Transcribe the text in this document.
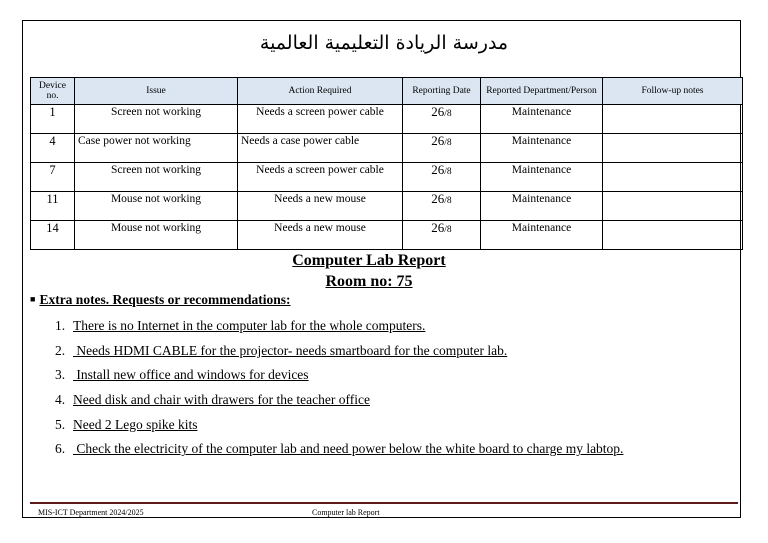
مدرسة الريادة التعليمية العالمية
Device no.	Issue	Action Required	Reporting Date	Reported Department/Person	Follow-up notes
1	Screen not working	Needs a screen power cable	26/8	Maintenance	
4	Case power not working	Needs a case power cable	26/8	Maintenance	
7	Screen not working	Needs a screen power cable	26/8	Maintenance	
11	Mouse not working	Needs a new mouse	26/8	Maintenance	
14	Mouse not working	Needs a new mouse	26/8	Maintenance	
Computer Lab Report
Room no: 75
■ Extra notes. Requests or recommendations:
1. There is no Internet in the computer lab for the whole computers.
2. Needs HDMI CABLE for the projector- needs smartboard for the computer lab.
3. Install new office and windows for devices
4. Need disk and chair with drawers for the teacher office
5. Need 2 Lego spike kits
6. Check the electricity of the computer lab and need power below the white board to charge my labtop.
MIS-ICT Department 2024/2025	Computer lab Report
